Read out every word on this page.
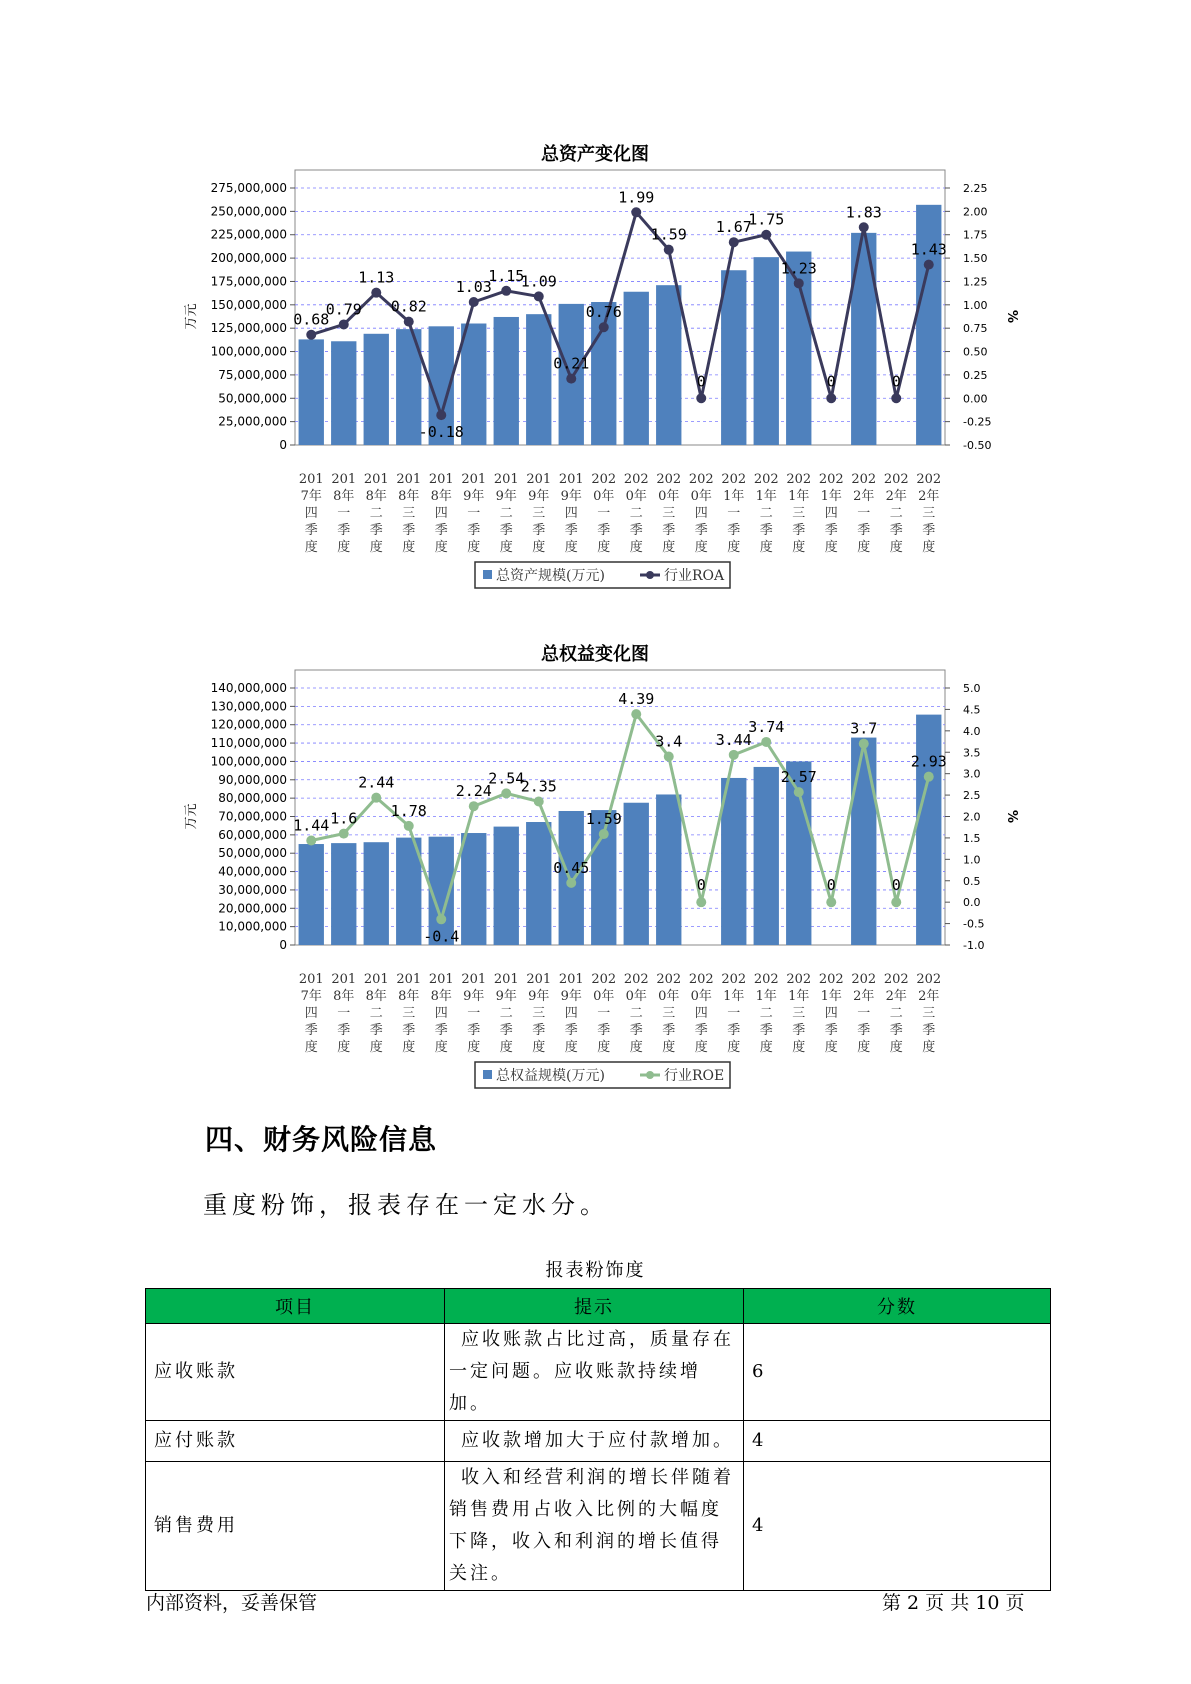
总资产变化图
0
25,000,000
50,000,000
75,000,000
100,000,000
125,000,000
150,000,000
175,000,000
200,000,000
225,000,000
250,000,000
275,000,000
-0.50
-0.25
0.00
0.25
0.50
0.75
1.00
1.25
1.50
1.75
2.00
2.25
万元	%
0.68
0.79
1.13
0.82
-0.18
1.03
1.15
1.09
0.21
0.76
1.99
1.59
0
1.67
1.75
1.23
0
1.83
0
1.43
201
7年
四
季
度
201
8年
一
季
度
201
8年
二
季
度
201
8年
三
季
度
201
8年
四
季
度
201
9年
一
季
度
201
9年
二
季
度
201
9年
三
季
度
201
9年
四
季
度
202
0年
一
季
度
202
0年
二
季
度
202
0年
三
季
度
202
0年
四
季
度
202
1年
一
季
度
202
1年
二
季
度
202
1年
三
季
度
202
1年
四
季
度
202
2年
一
季
度
202
2年
二
季
度
202
2年
三
季
度
总资产规模(万元)	行业ROA
总权益变化图
0
10,000,000
20,000,000
30,000,000
40,000,000
50,000,000
60,000,000
70,000,000
80,000,000
90,000,000
100,000,000
110,000,000
120,000,000
130,000,000
140,000,000
-1.0
-0.5
0.0
0.5
1.0
1.5
2.0
2.5
3.0
3.5
4.0
4.5
5.0
万元	%
1.44 1.6
2.44
1.78
-0.4
2.24
2.54
2.35
0.45
1.59
4.39
3.4
0
3.44
3.74
2.57
0
3.7
0
2.93
201
7年
四
季
度
201
8年
一
季
度
201
8年
二
季
度
201
8年
三
季
度
201
8年
四
季
度
201
9年
一
季
度
201
9年
二
季
度
201
9年
三
季
度
201
9年
四
季
度
202
0年
一
季
度
202
0年
二
季
度
202
0年
三
季
度
202
0年
四
季
度
202
1年
一
季
度
202
1年
二
季
度
202
1年
三
季
度
202
1年
四
季
度
202
2年
一
季
度
202
2年
二
季
度
202
2年
三
季
度
总权益规模(万元)	行业ROE
四、财务风险信息
重度粉饰，报表存在一定水分。
报表粉饰度
项目	提示	分数
应收账款	应收账款占比过高，质量存在一定问题。应收账款持续增加。	6
应付账款	应收款增加大于应付款增加。	4
销售费用	收入和经营利润的增长伴随着销售费用占收入比例的大幅度下降，收入和利润的增长值得关注。	4
内部资料，妥善保管	第 2 页 共 10 页
